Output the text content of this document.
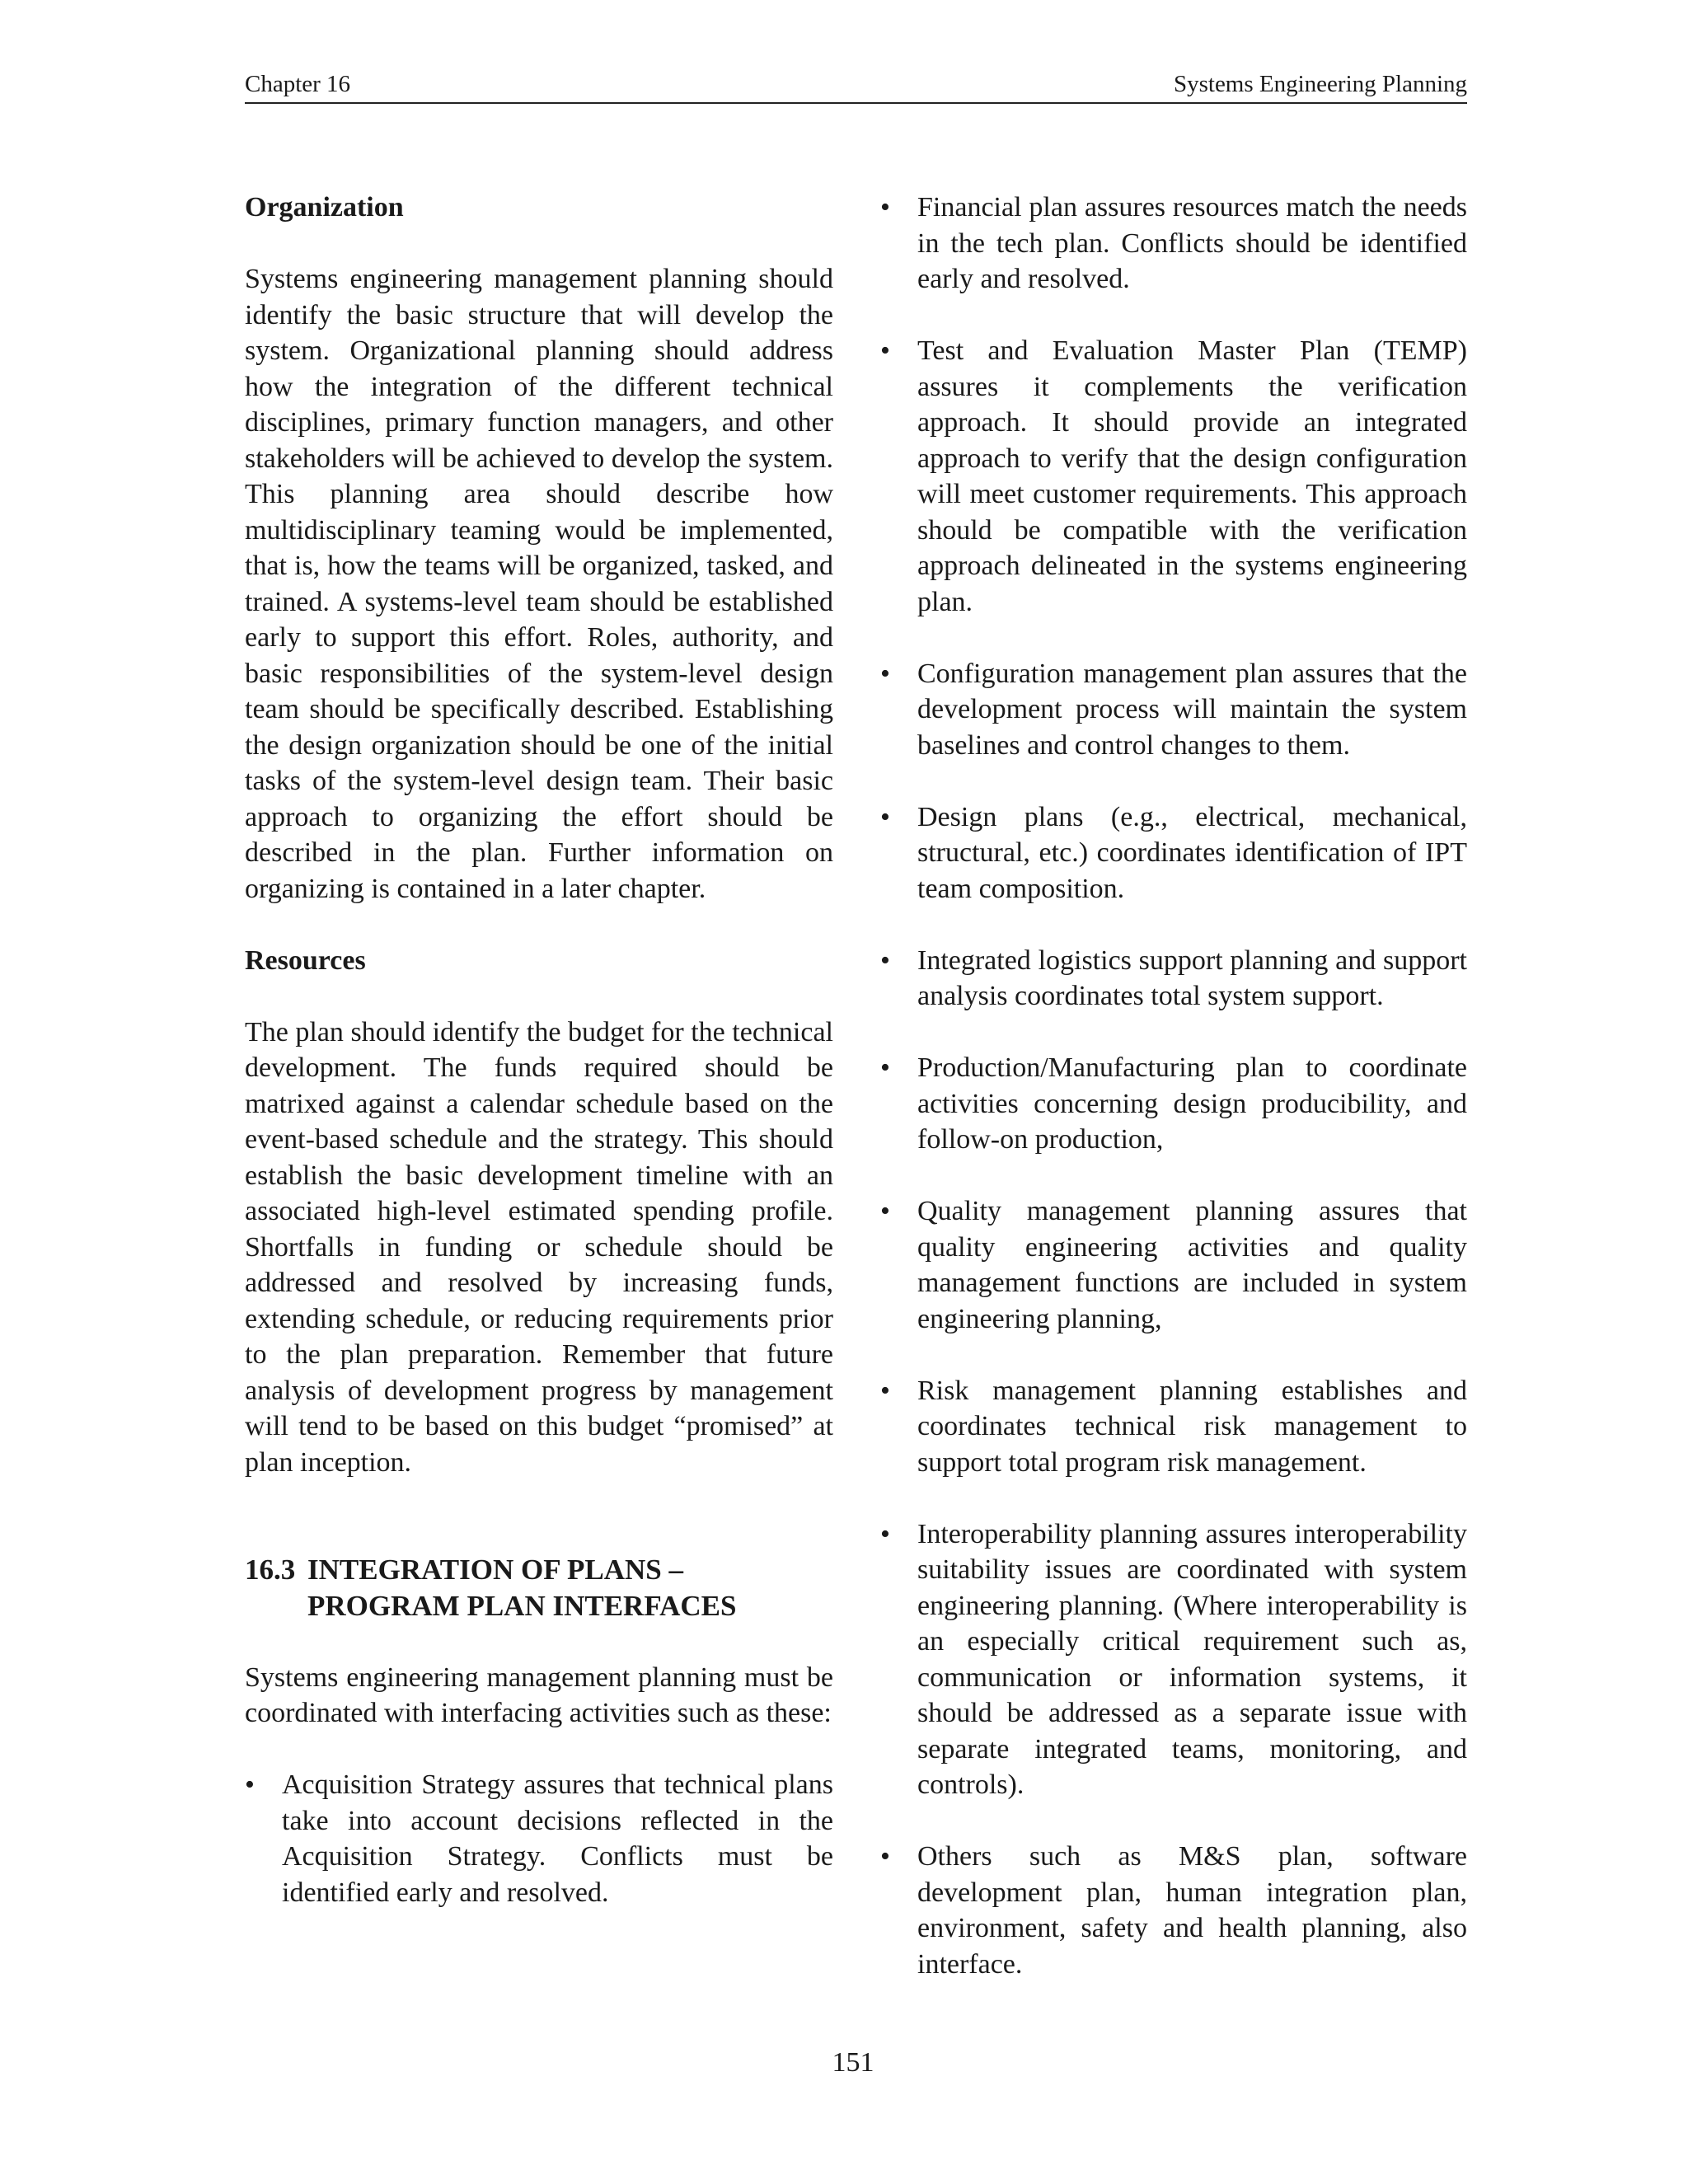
Chapter 16	Systems Engineering Planning
Organization

Systems engineering management planning should identify the basic structure that will develop the system. Organizational planning should address how the integration of the different technical disciplines, primary function managers, and other stakeholders will be achieved to develop the system. This planning area should describe how multidisciplinary teaming would be implemented, that is, how the teams will be organized, tasked, and trained. A systems-level team should be established early to support this effort. Roles, authority, and basic responsibilities of the system-level design team should be specifically described. Establishing the design organization should be one of the initial tasks of the system-level design team. Their basic approach to organizing the effort should be described in the plan. Further information on organizing is contained in a later chapter.

Resources

The plan should identify the budget for the technical development. The funds required should be matrixed against a calendar schedule based on the event-based schedule and the strategy. This should establish the basic development timeline with an associated high-level estimated spending profile. Shortfalls in funding or schedule should be addressed and resolved by increasing funds, extending schedule, or reducing requirements prior to the plan preparation. Remember that future analysis of development progress by management will tend to be based on this budget “promised” at plan inception.

16.3 INTEGRATION OF PLANS –
PROGRAM PLAN INTERFACES

Systems engineering management planning must be coordinated with interfacing activities such as these:

• Acquisition Strategy assures that technical plans take into account decisions reflected in the Acquisition Strategy. Conflicts must be identified early and resolved.
• Financial plan assures resources match the needs in the tech plan. Conflicts should be identified early and resolved.
• Test and Evaluation Master Plan (TEMP) assures it complements the verification approach. It should provide an integrated approach to verify that the design configuration will meet customer requirements. This approach should be compatible with the verification approach delineated in the systems engineering plan.
• Configuration management plan assures that the development process will maintain the system baselines and control changes to them.
• Design plans (e.g., electrical, mechanical, structural, etc.) coordinates identification of IPT team composition.
• Integrated logistics support planning and support analysis coordinates total system support.
• Production/Manufacturing plan to coordinate activities concerning design producibility, and follow-on production,
• Quality management planning assures that quality engineering activities and quality management functions are included in system engineering planning,
• Risk management planning establishes and coordinates technical risk management to support total program risk management.
• Interoperability planning assures interoperability suitability issues are coordinated with system engineering planning. (Where interoperability is an especially critical requirement such as, communication or information systems, it should be addressed as a separate issue with separate integrated teams, monitoring, and controls).
• Others such as M&S plan, software development plan, human integration plan, environment, safety and health planning, also interface.
151
